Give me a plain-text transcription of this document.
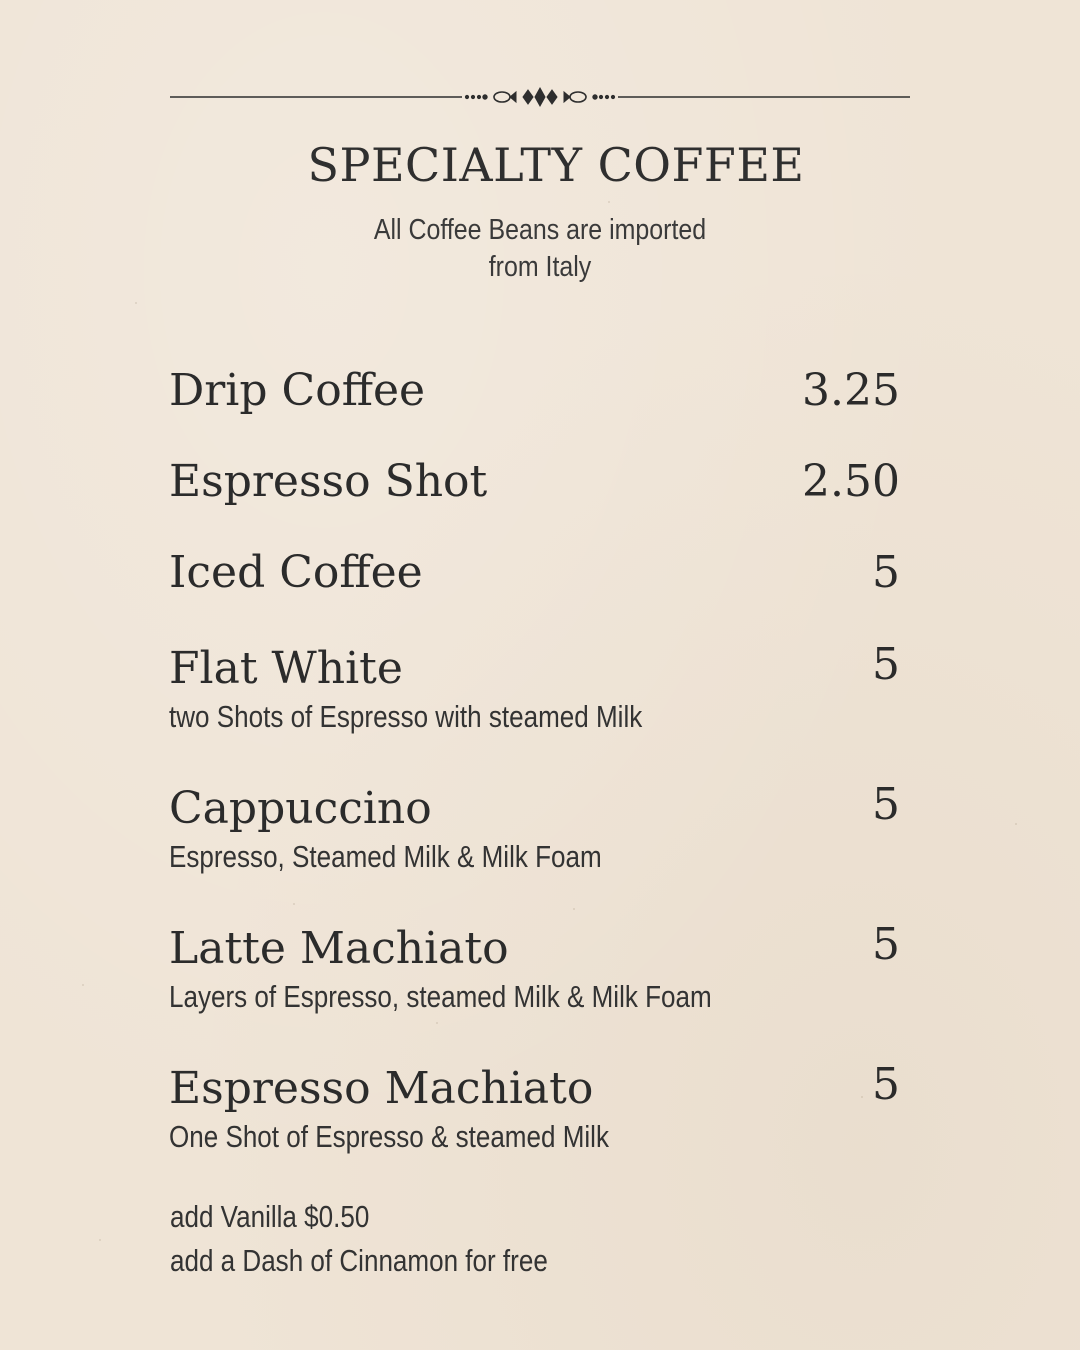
SPECIALTY COFFEE
All Coffee Beans are imported
from Italy
Drip Coffee	3.25
Espresso Shot	2.50
Iced Coffee	5
Flat White	5
two Shots of Espresso with steamed Milk
Cappuccino	5
Espresso, Steamed Milk & Milk Foam
Latte Machiato	5
Layers of Espresso, steamed Milk & Milk Foam
Espresso Machiato	5
One Shot of Espresso & steamed Milk
add Vanilla $0.50
add a Dash of Cinnamon for free
